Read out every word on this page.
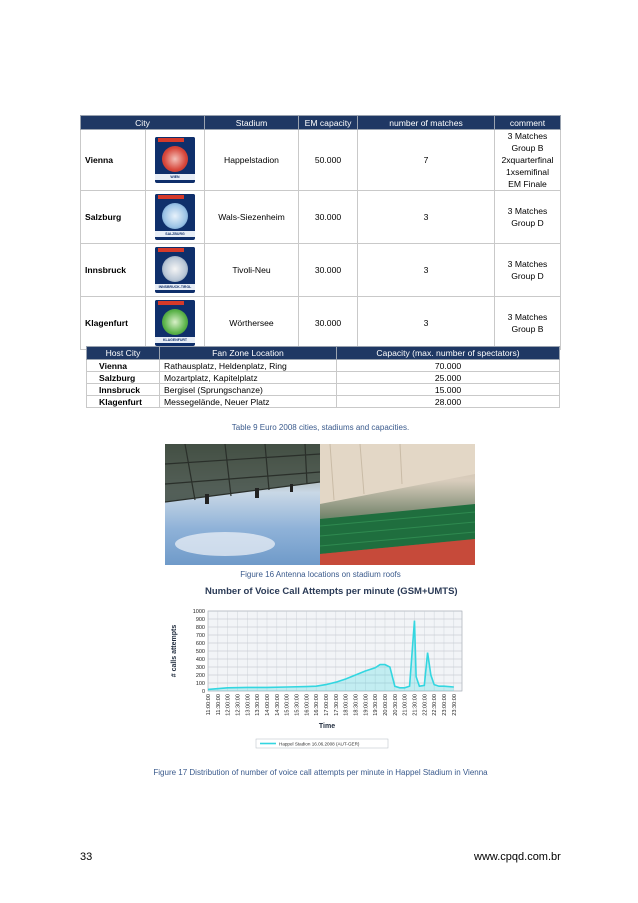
City		Stadium	EM capacity	number of matches	comment
Vienna	WIEN	Happelstadion	50.000	7	3 Matches Group B
2xquarterfinal
1xsemifinal
EM Finale

Salzburg	SALZBURG	Wals-Siezenheim	30.000	3	3 Matches Group D
Innsbruck	INNSBRUCK-TIROL	Tivoli-Neu	30.000	3	3 Matches Group D
Klagenfurt	KLAGENFURT	Wörthersee	30.000	3	3 Matches Group B
Host City	Fan Zone Location	Capacity (max. number of spectators)
Vienna	Rathausplatz, Heldenplatz, Ring	70.000
Salzburg	Mozartplatz, Kapitelplatz	25.000
Innsbruck	Bergisel (Sprungschanze)	15.000
Klagenfurt	Messegelände, Neuer Platz	28.000
Table 9 Euro 2008 cities, stadiums and capacities.
Figure 16 Antenna locations on stadium roofs
Number of Voice Call Attempts per minute (GSM+UMTS)
0
100
200
300
400
500
600
700
800
900
1000
11:00:00 11:30:00 12:00:00 12:30:00 13:00:00 13:30:00 14:00:00 14:30:00 15:00:00 15:30:00 16:00:00 16:30:00 17:00:00 17:30:00 18:00:00 18:30:00 19:00:00 19:30:00 20:00:00 20:30:00 21:00:00 21:30:00 22:00:00 22:30:00 23:00:00 23:30:00
# calls attempts
Time
Happel Stadion 16.06.2008 (AUT-GER)
Figure 17 Distribution of number of voice call attempts per minute in Happel Stadium in Vienna
33	www.cpqd.com.br
